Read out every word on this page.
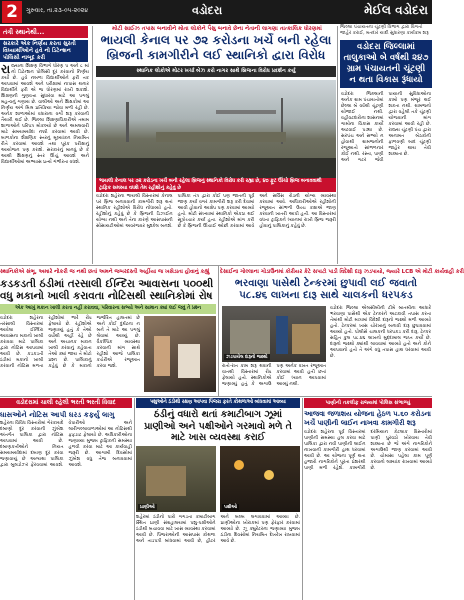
2	ગુરુવાર, તા.૨૩-૦૫-૨૦૨૪	વડોદરા	મેઈલ વડોદરા
તંત્રી સ્થાનેથી...
સરકારે એક નિર્ણય કરતા સુરતી વિધ્યાર્થીઓને હવે નો ડિટેન્શન પોલિસી નાબૂદ કરી
રાજ્યના શિક્ષણ વિભાગે ધોરણ ૫ અને ૮ માં નો ડિટેન્શન પોલિસી દૂર કરવાનો નિર્ણય કર્યો છે. હવે નબળા વિદ્યાર્થીઓને ફરી તક આપવામાં આવશે અને પરીક્ષામાં નાપાસ થનાર વિદ્યાર્થીને ફરી એ જ ધોરણમાં રાખી શકાશે. શિક્ષણની ગુણવત્તા સુધારવા માટે આ પગલું મહત્વનું ગણાય છે. વાલીઓ અને શિક્ષકોમાં આ નિર્ણય અંગે મિશ્ર પ્રતિક્રિયા જોવા મળી રહી છે. અનેક શાળાઓમાં વધારાના વર્ગો શરૂ કરવાની તૈયારી થઈ છે. જિલ્લા શિક્ષણાધિકારીએ તમામ શાળાઓને પરિપત્ર મોકલ્યો છે અને અમલવારી માટે સમયમર્યાદા નક્કી કરવામાં આવી છે. બાળકોના શૈક્ષણિક સ્તરનું મૂલ્યાંકન નિયમિત રીતે કરવામાં આવશે તથા પૂરક પરીક્ષાનું આયોજન પણ કરાશે. સરકારનું માનવું છે કે આથી શિક્ષણનું સ્તર ઊંચું આવશે અને વિદ્યાર્થીઓમાં અભ્યાસ પ્રત્યે ગંભીરતા વધશે.
મોટી સાઈઝ તપાસ બનાવીને મોતા લોકોને પૈસુ બનાવે છેના નેતાની લાગણા તાત્કાલિક ધોરણમાં
ભાયલી કેનાલ પર ૭૨ કરોડના ખર્ચે બની રહેલા બ્રિજની કામગીરીને લઈ સ્થાનિકો દ્વારા વિરોધ
સ્થાનિક લોકોએ મોટર ખર્ચા બેઝ કરો નાગર સાથે બ્રિજના વિરોધ પ્રદર્શન કર્યુ
ભાયલી કેનાલ પર ૭૨ કરોડના ખર્ચે બની રહેલા બ્રિજનું સ્થાનિકો વિરોધ કરી રહ્યા છે, ૪૦ ફૂટ ઊંચો બ્રિજ બનાવવાથી ટ્રાફિક સમસ્યા વધશે તેમ રહીશોનું કહેવું છે
વડોદરા શહેરના ભાયલી વિસ્તારમાં કેનાલ પર બ્રિજ બનાવવાની કામગીરી શરૂ થતાં સ્થાનિક રહીશોએ વિરોધ નોંધાવ્યો હતો. રહીશોનું કહેવું છે કે બ્રિજની ડિઝાઈન યોગ્ય નથી અને તેના કારણે આસપાસની સોસાયટીઓમાં અવરજવર મુશ્કેલ બનશે. પાલિકા તંત્ર દ્વારા કોઈ પણ જાતની પૂર્વ જાણ કર્યા વગર કામગીરી શરૂ કરી દેવામાં આવી હોવાનો આક્ષેપ પણ કરવામાં આવ્યો હતો. મોટી સંખ્યામાં સ્થાનિકો એકઠા થઈ સૂત્રોચ્ચાર કર્યા હતા. રહીશોએ માંગ કરી છે કે બ્રિજની ઊંચાઈ ઓછી કરવામાં આવે અને સર્વિસ રોડની યોગ્ય વ્યવસ્થા કરવામાં આવે. અધિકારીઓએ રહીશોની રજૂઆત સાંભળી ઉચ્ચ કક્ષાએ જાણ કરવાની ખાતરી આપી હતી. આ વિસ્તારમાં વધતા ટ્રાફિકને ધ્યાનમાં રાખી બ્રિજ જરૂરી હોવાનું પાલિકાનું કહેવું છે.
જિલ્લા પંચાયતના ચૂંટણી વિભાગ દ્વારા વિગતો જાહેર કરાઈ, મતદાર યાદી સુધારણા કાર્યક્રમ શરૂ
વડોદરા જિલ્લામાં તાલુકાઓ બે વર્ષથી ૨૪૭ ગ્રામ પંચાયતની ચૂંટણી ન થતા વિકાસ રૂંધાયો
વડોદરા જિલ્લાની અનેક ગ્રામ પંચાયતોમાં છેલ્લા બે વર્ષથી ચૂંટણી યોજાઈ નથી. વહીવટદારોના શાસનમાં ગામોના વિકાસ કાર્યો અટવાઈ પડ્યા છે. સરપંચ અને સભ્યો ન હોવાથી ગ્રામજનોની રજૂઆતો સાંભળનાર કોઈ નથી. રસ્તા, પાણી અને ગટર જેવી પાયાની સુવિધાઓના કામો પણ મંજૂર થઈ શકતા નથી. ગ્રામજનો દ્વારા વહેલી તકે ચૂંટણી યોજવાની માંગ કરવામાં આવી રહી છે. રાજ્ય ચૂંટણી પંચ દ્વારા અનામત બેઠકોની ફાળવણી બાદ ચૂંટણી જાહેર થાય તેવી શક્યતા છે.
સ્થાનિકોએ સંભૂ, અમારે નોકરી જ નથી છતાં અમને જબરદસ્તી અહીંયા જ ખસેડાતા હોવાનું કહ્યું
કડકડતી ઠંડીમાં તરસાલી ઈન્દિરા આવાસના ૫૦૦થી વધુ મકાનો ખાલી કરાવતા નોટિસથી સ્થાનિકોમાં રોષ
એક આખું મકાન ખાલી કરતા નહીં કરાવવા, પરિવારના સભ્યો અને સામાન ક્યાં લઈ જવું તે પ્રશ્ન
વડોદરા શહેરના તરસાલી વિસ્તારમાં આવેલા ઈન્દિરા આવાસના મકાનો ખાલી કરાવવા માટે પાલિકા દ્વારા નોટિસ આપવામાં આવી છે. કડકડતી ઠંડીમાં મકાનો ખાલી કરવાની નોટિસ મળતા રહીશોમાં ભારે રોષ ફેલાયો છે. રહીશોએ જણાવ્યું હતું કે તેઓ વર્ષોથી અહીં રહે છે અને અચાનક મકાન ખાલી કરવાનું કહેવાતા તેઓ ક્યાં જાય તે મોટો પ્રશ્ન છે. પાલિકાનું કહેવું છે કે મકાનો જર્જરિત હાલતમાં છે અને કોઈ દુર્ઘટના ન બને તે માટે આ પગલું લેવામાં આવ્યું છે. વૈકલ્પિક વ્યવસ્થા કરવાની માંગ સાથે રહીશો આજે પાલિકા કચેરીએ રજૂઆત કરવા જશે.
દેસાઈના ગોલ્લાના ગોડાઉનમાં કોરીયર કેટે સપાટો પાડી વિદેશી દારૂ ઝડપાયો, જ્યારે LCB એ મોટી કાર્યવાહી કરી
ભરવાણા પાસેથી ટેન્કરમાં છુપાવી લઈ જવાતો ૫૮.૪૬ લાખના દારૂ સાથે ચાલકની ધરપકડ
ઝડપાયેલ દારૂનો જથ્થો
વડોદરા જિલ્લા એલસીબીની ટીમે બાતમીના આધારે ભરવાણા પાસેથી એક ટેન્કરને અટકાવી તપાસ કરતા તેમાંથી મોટી માત્રામાં વિદેશી દારૂનો જથ્થો મળી આવ્યો હતો. ટેન્કરમાં ખાસ ચોરખાનું બનાવી દારૂ છુપાવવામાં આવ્યો હતો. પોલીસે ચાલકની ધરપકડ કરી દારૂ, ટેન્કર સહિત કુલ ૫૮.૪૬ લાખનો મુદ્દામાલ જપ્ત કર્યો છે. દારૂનો જથ્થો ક્યાંથી લાવવામાં આવ્યો હતો અને કોને આપવાનો હતો તે અંગે વધુ તપાસ હાથ ધરવામાં આવી છે.
રાતો-રાત કામ શરૂ થવાની વાતથી વિસ્તારમાં રોષ ફેલાયો હતો. સ્થાનિકોએ જણાવ્યું હતું કે અગાઉ પણ અનેક વખત રજૂઆત કરવામાં આવી હતી છતાં કોઈ ધ્યાન આપવામાં આવ્યું નથી.
વડોદરામાં ચાલી રહેલી ભરતી ભરતી વિવાદ
ઘાસઓને નોટિસ આપી ઘરડ કર્ફ્યુ લાગુ
શહેરના વિવિધ વિસ્તારોમાં ગેરકાયદે દબાણો દૂર કરવાની ઝુંબેશ અંતર્ગત પાલિકા દ્વારા નોટિસ આપવામાં આવી છે. દબાણકર્તાઓને નિયત સમયમર્યાદામાં દબાણ દૂર કરવા જણાવાયું છે અન્યથા પાલિકા દ્વારા બુલડોઝર ફેરવવામાં આવશે. વેપારીઓ અને લારીગલ્લાવાળાઓમાં આ નોટિસથી ફફડાટ ફેલાયો છે. અધિકારીઓના જણાવ્યા મુજબ ટ્રાફિકની સમસ્યા હળવી કરવા માટે આ કાર્યવાહી જરૂરી છે. આગામી દિવસોમાં ઝુંબેશ વધુ તેજ બનાવવામાં આવશે.
પશુઓને ઠંડીથી રક્ષણ આપવા પિંજરા ફરતે કોથળાઓ બાંધવામાં આવ્યા
ઠંડીનું વધારો થતાં કમાટીબાગ ઝૂમાં પ્રાણીઓ અને પક્ષીઓને ગરમાવો મળે તે માટે ખાસ વ્યવસ્થા કરાઈ
પ્રાણીઓ	પક્ષીઓ
શહેરમાં ઠંડીનો પારો ગગડતા કમાટીબાગ સ્થિત પ્રાણી સંગ્રહાલયમાં પશુ-પક્ષીઓને ઠંડીથી બચાવવા માટે ખાસ વ્યવસ્થા કરવામાં આવી છે. પિંજરાઓની આસપાસ કોથળા અને તાડપત્રી બાંધવામાં આવી છે, હીટર અને બલ્બ લગાવવામાં આવ્યા છે. પ્રાણીઓના ખોરાકમાં પણ ફેરફાર કરવામાં આવ્યો છે. ઝૂ ક્યુરેટરના જણાવ્યા મુજબ ઠંડીના દિવસોમાં નિયમિત દેખરેખ રાખવામાં આવે છે.
પાણીની તકલીફ રાજ્યમાં પોલિસ સંભાળ્યું
આજવા જળાશય યોજના હેઠળ ૫.૬૦ કરોડના ખર્ચે પાણીની લાઈન નાખવા કામગીરી શરૂ
વડોદરા શહેરના પૂર્વ વિસ્તારમાં પાણીની સમસ્યા હલ કરવા માટે પાલિકા દ્વારા નવી પાણીની લાઈન નાખવાની કામગીરી હાથ ધરવામાં આવી છે. આ યોજના પૂર્ણ થતા હજારો નાગરિકોને પૂરતા પ્રેશરથી પાણી મળી રહેશે. કામગીરી દરમિયાન કેટલાક વિસ્તારોમાં પાણી પુરવઠો ખોરવાય તેવી શક્યતા છે જે અંગે નાગરિકોને અગાઉથી જાણ કરવામાં આવી છે. ચોમાસા પહેલા કામ પૂર્ણ કરવાનો લક્ષ્યાંક રાખવામાં આવ્યો છે.
